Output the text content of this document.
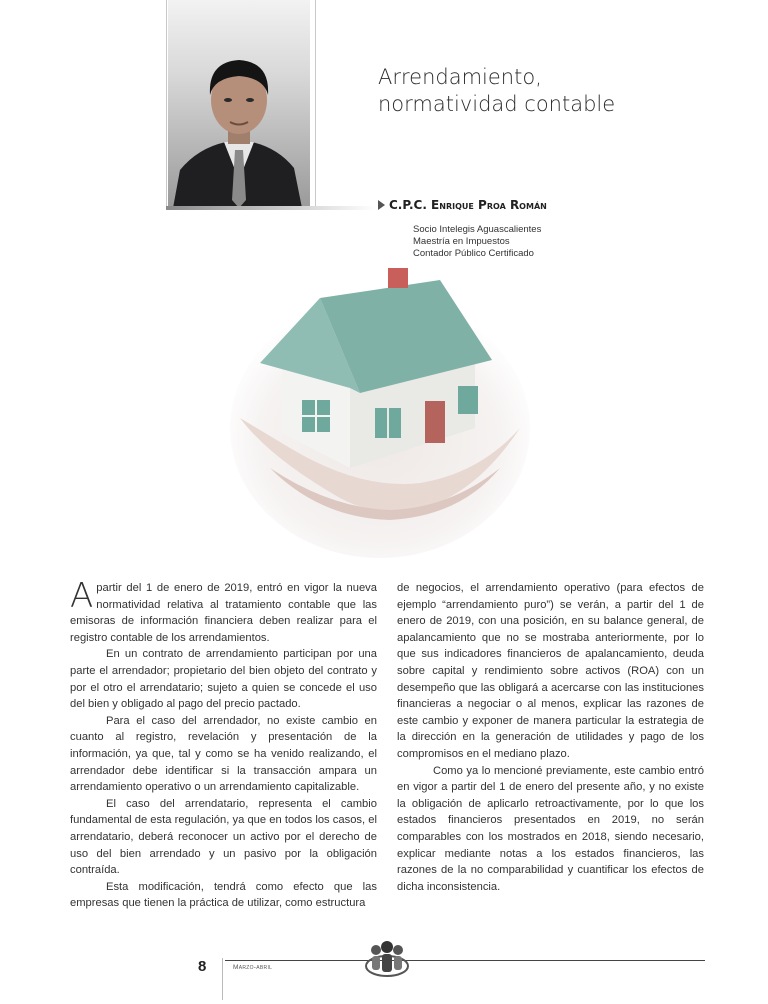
Arrendamiento,
normatividad contable
C.P.C. Enrique Proa Román
Socio Intelegis Aguascalientes
Maestría en Impuestos
Contador Público Certificado

Apartir del 1 de enero de 2019, entró en vigor la nueva normatividad relativa al tratamiento contable que las emisoras de información financiera deben realizar para el registro contable de los arrendamientos.

En un contrato de arrendamiento participan por una parte el arrendador; propietario del bien objeto del contrato y por el otro el arrendatario; sujeto a quien se concede el uso del bien y obligado al pago del precio pactado.

Para el caso del arrendador, no existe cambio en cuanto al registro, revelación y presentación de la información, ya que, tal y como se ha venido realizando, el arrendador debe identificar si la transacción ampara un arrendamiento operativo o un arrendamiento capitalizable.

El caso del arrendatario, representa el cambio fundamental de esta regulación, ya que en todos los casos, el arrendatario, deberá reconocer un activo por el derecho de uso del bien arrendado y un pasivo por la obligación contraída.

Esta modificación, tendrá como efecto que las empresas que tienen la práctica de utilizar, como estructura

de negocios, el arrendamiento operativo (para efectos de ejemplo “arrendamiento puro”) se verán, a partir del 1 de enero de 2019, con una posición, en su balance general, de apalancamiento que no se mostraba anteriormente, por lo que sus indicadores financieros de apalancamiento, deuda sobre capital y rendimiento sobre activos (ROA) con un desempeño que las obligará a acercarse con las instituciones financieras a negociar o al menos, explicar las razones de este cambio y exponer de manera particular la estrategia de la dirección en la generación de utilidades y pago de los compromisos en el mediano plazo.

Como ya lo mencioné previamente, este cambio entró en vigor a partir del 1 de enero del presente año, y no existe la obligación de aplicarlo retroactivamente, por lo que los estados financieros presentados en 2019, no serán comparables con los mostrados en 2018, siendo necesario, explicar mediante notas a los estados financieros, las razones de la no comparabilidad y cuantificar los efectos de dicha inconsistencia.

8	Marzo-abril
